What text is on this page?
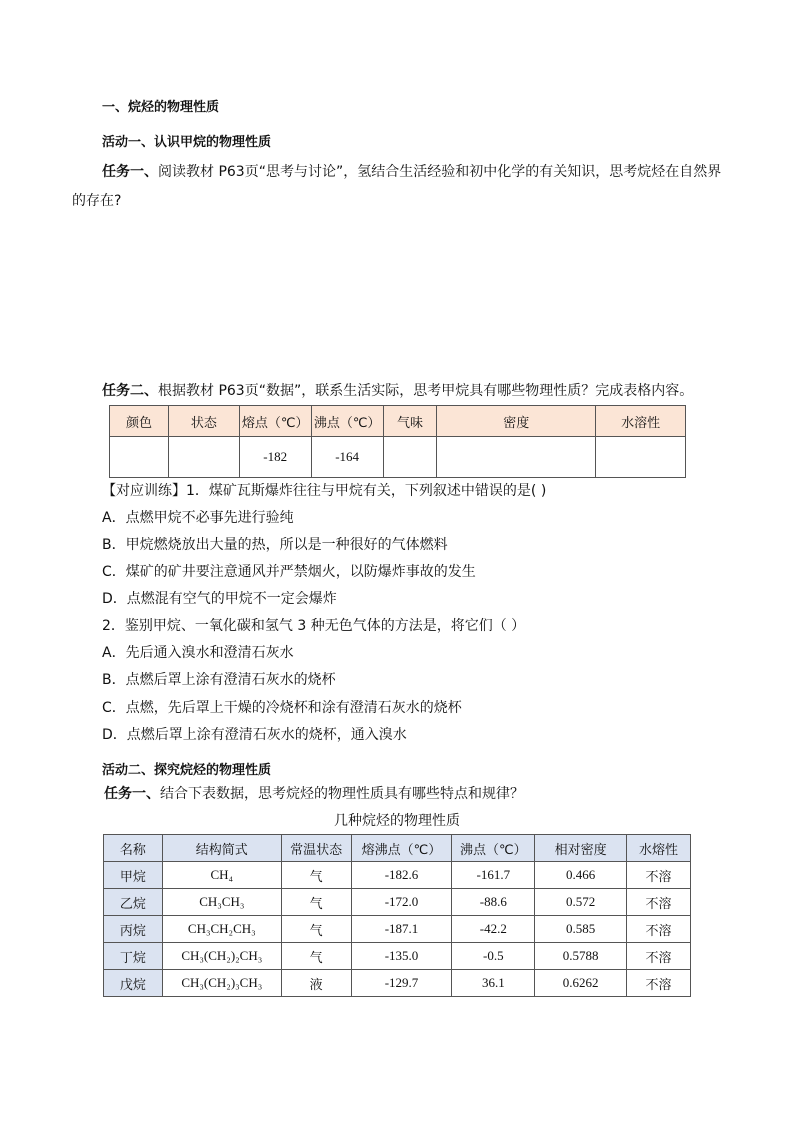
一、烷烃的物理性质
活动一、认识甲烷的物理性质
任务一、阅读教材 P63页“思考与讨论”，氢结合生活经验和初中化学的有关知识，思考烷烃在自然界
的存在?
任务二、根据教材 P63页“数据”，联系生活实际，思考甲烷具有哪些物理性质？完成表格内容。
颜色	状态	熔点（℃）	沸点（℃）	气味	密度	水溶性
		-182	-164			
【对应训练】1．煤矿瓦斯爆炸往往与甲烷有关，下列叙述中错误的是( )
A．点燃甲烷不必事先进行验纯
B．甲烷燃烧放出大量的热，所以是一种很好的气体燃料
C．煤矿的矿井要注意通风并严禁烟火，以防爆炸事故的发生
D．点燃混有空气的甲烷不一定会爆炸
2．鉴别甲烷、一氧化碳和氢气 3 种无色气体的方法是，将它们（ ）
A．先后通入溴水和澄清石灰水
B．点燃后罩上涂有澄清石灰水的烧杯
C．点燃，先后罩上干燥的冷烧杯和涂有澄清石灰水的烧杯
D．点燃后罩上涂有澄清石灰水的烧杯，通入溴水
活动二、探究烷烃的物理性质
任务一、结合下表数据，思考烷烃的物理性质具有哪些特点和规律？
几种烷烃的物理性质
名称	结构简式	常温状态	熔沸点（℃）	沸点（℃）	相对密度	水熔性
甲烷	CH₄	气	-182.6	-161.7	0.466	不溶
乙烷	CH₃CH₃	气	-172.0	-88.6	0.572	不溶
丙烷	CH₃CH₂CH₃	气	-187.1	-42.2	0.585	不溶
丁烷	CH₃(CH₂)₂CH₃	气	-135.0	-0.5	0.5788	不溶
戊烷	CH₃(CH₂)₃CH₃	液	-129.7	36.1	0.6262	不溶
